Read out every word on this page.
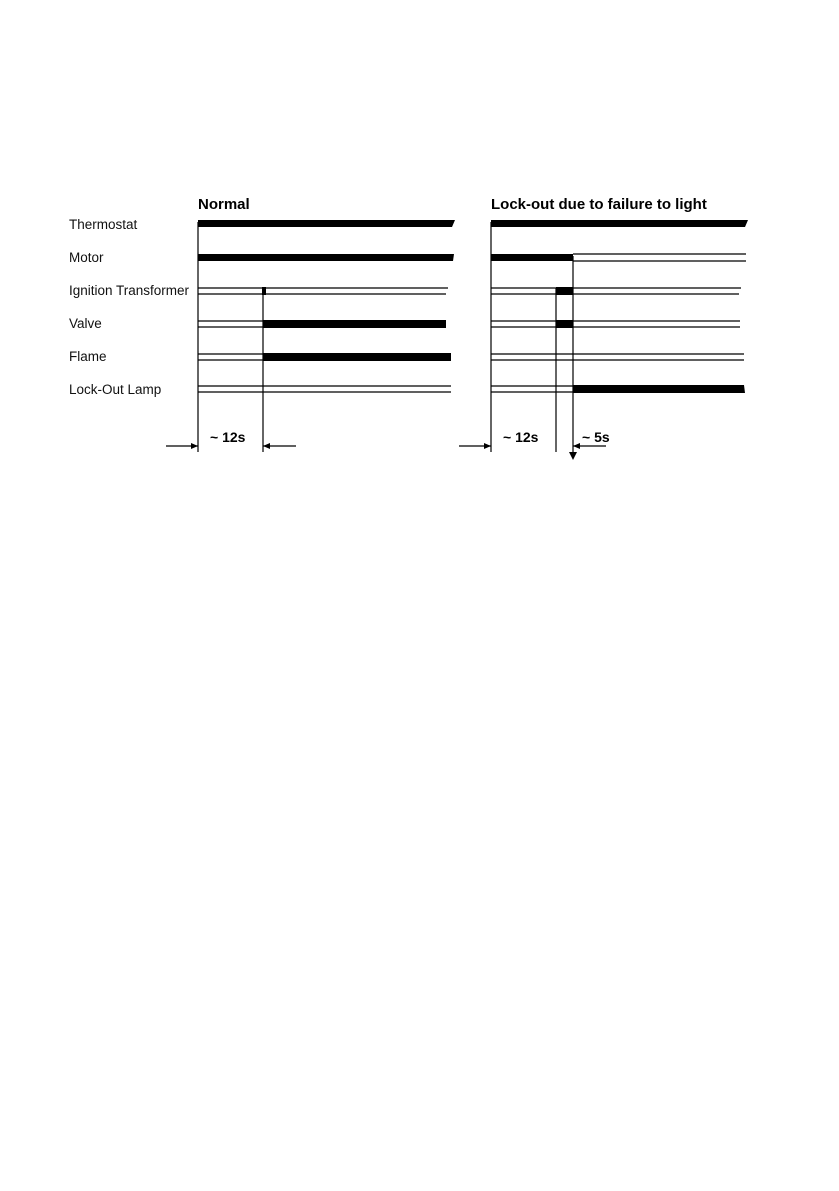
Thermostat
Motor
Ignition Transformer
Valve
Flame
Lock-Out Lamp
Normal
~ 12s
Lock-out due to failure to light
~ 12s	~ 5s
